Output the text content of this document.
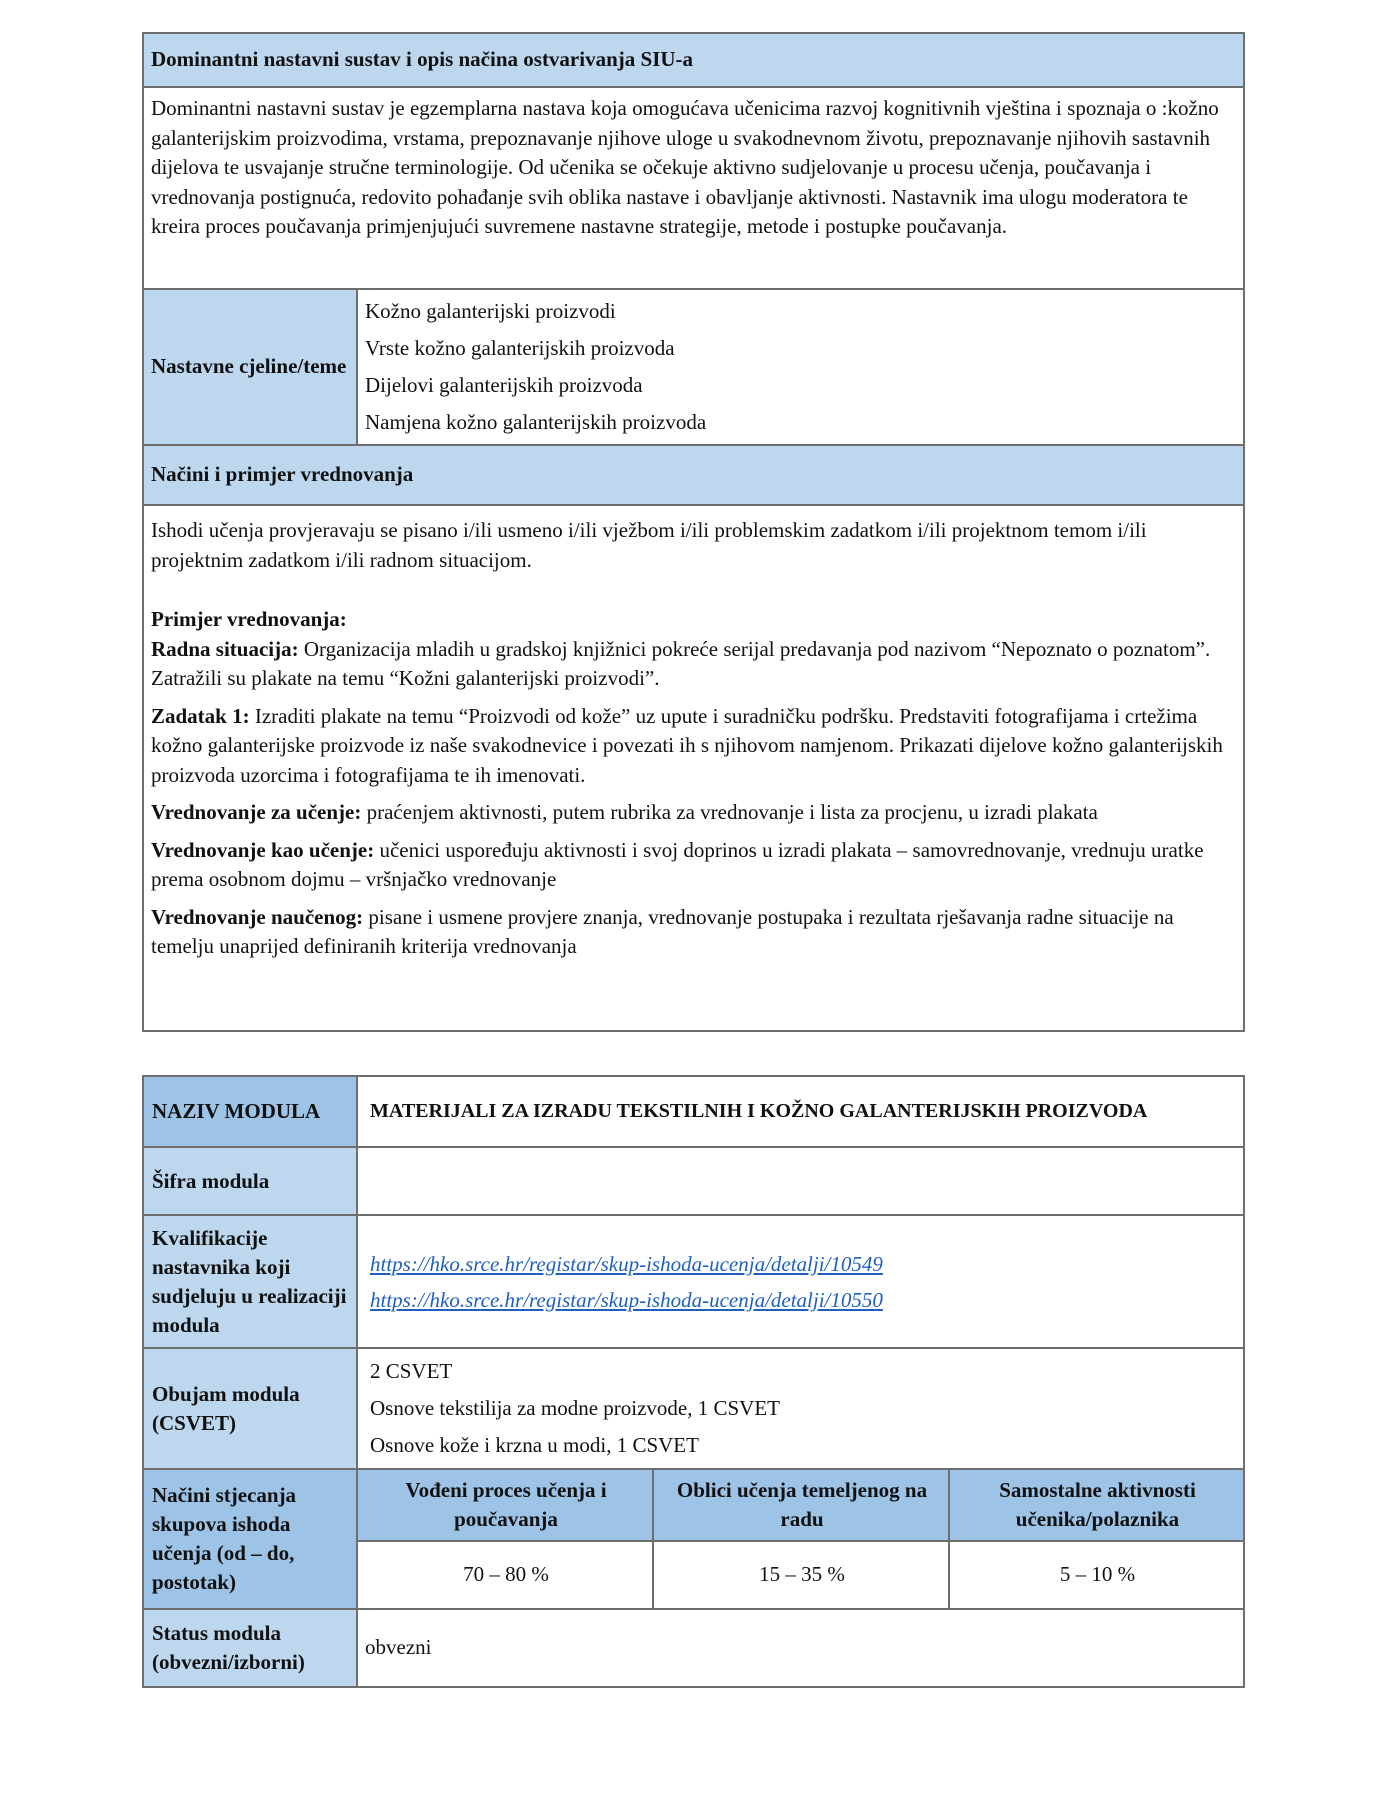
Dominantni nastavni sustav i opis načina ostvarivanja SIU-a
Dominantni nastavni sustav je egzemplarna nastava koja omogućava učenicima razvoj kognitivnih vještina i spoznaja o :kožno galanterijskim proizvodima, vrstama, prepoznavanje njihove uloge u svakodnevnom životu, prepoznavanje njihovih sastavnih dijelova te usvajanje stručne terminologije. Od učenika se očekuje aktivno sudjelovanje u procesu učenja, poučavanja i vrednovanja postignuća, redovito pohađanje svih oblika nastave i obavljanje aktivnosti. Nastavnik ima ulogu moderatora te kreira proces poučavanja primjenjujući suvremene nastavne strategije, metode i postupke poučavanja.
Nastavne cjeline/teme	
Kožno galanterijski proizvodi
Vrste kožno galanterijskih proizvoda
Dijelovi galanterijskih proizvoda
Namjena kožno galanterijskih proizvoda

Načini i primjer vrednovanja

Ishodi učenja provjeravaju se pisano i/ili usmeno i/ili vježbom i/ili problemskim zadatkom i/ili projektnom temom i/ili projektnim zadatkom i/ili radnom situacijom.
Primjer vrednovanja:
Radna situacija: Organizacija mladih u gradskoj knjižnici pokreće serijal predavanja pod nazivom “Nepoznato o poznatom”. Zatražili su plakate na temu “Kožni galanterijski proizvodi”.
Zadatak 1: Izraditi plakate na temu “Proizvodi od kože” uz upute i suradničku podršku. Predstaviti fotografijama i crtežima kožno galanterijske proizvode iz naše svakodnevice i povezati ih s njihovom namjenom. Prikazati dijelove kožno galanterijskih proizvoda uzorcima i fotografijama te ih imenovati.
Vrednovanje za učenje: praćenjem aktivnosti, putem rubrika za vrednovanje i lista za procjenu, u izradi plakata
Vrednovanje kao učenje: učenici uspoređuju aktivnosti i svoj doprinos u izradi plakata – samovrednovanje, vrednuju uratke prema osobnom dojmu – vršnjačko vrednovanje
Vrednovanje naučenog: pisane i usmene provjere znanja, vrednovanje postupaka i rezultata rješavanja radne situacije na temelju unaprijed definiranih kriterija vrednovanja
NAZIV MODULA	MATERIJALI ZA IZRADU TEKSTILNIH I KOŽNO GALANTERIJSKIH PROIZVODA		
Šifra modula			
Kvalifikacije nastavnika koji sudjeluju u realizaciji modula	https://hko.srce.hr/registar/skup-ishoda-ucenja/detalji/10549
https://hko.srce.hr/registar/skup-ishoda-ucenja/detalji/10550		

Obujam modula (CSVET)	2 CSVET
Osnove tekstilija za modne proizvode, 1 CSVET
Osnove kože i krzna u modi, 1 CSVET		

Načini stjecanja skupova ishoda učenja (od – do, postotak)	Vođeni proces učenja i poučavanja	Oblici učenja temeljenog na radu	Samostalne aktivnosti učenika/polaznika
	70 – 80 %	15 – 35 %	5 – 10 %
Status modula (obvezni/izborni)	obvezni		
